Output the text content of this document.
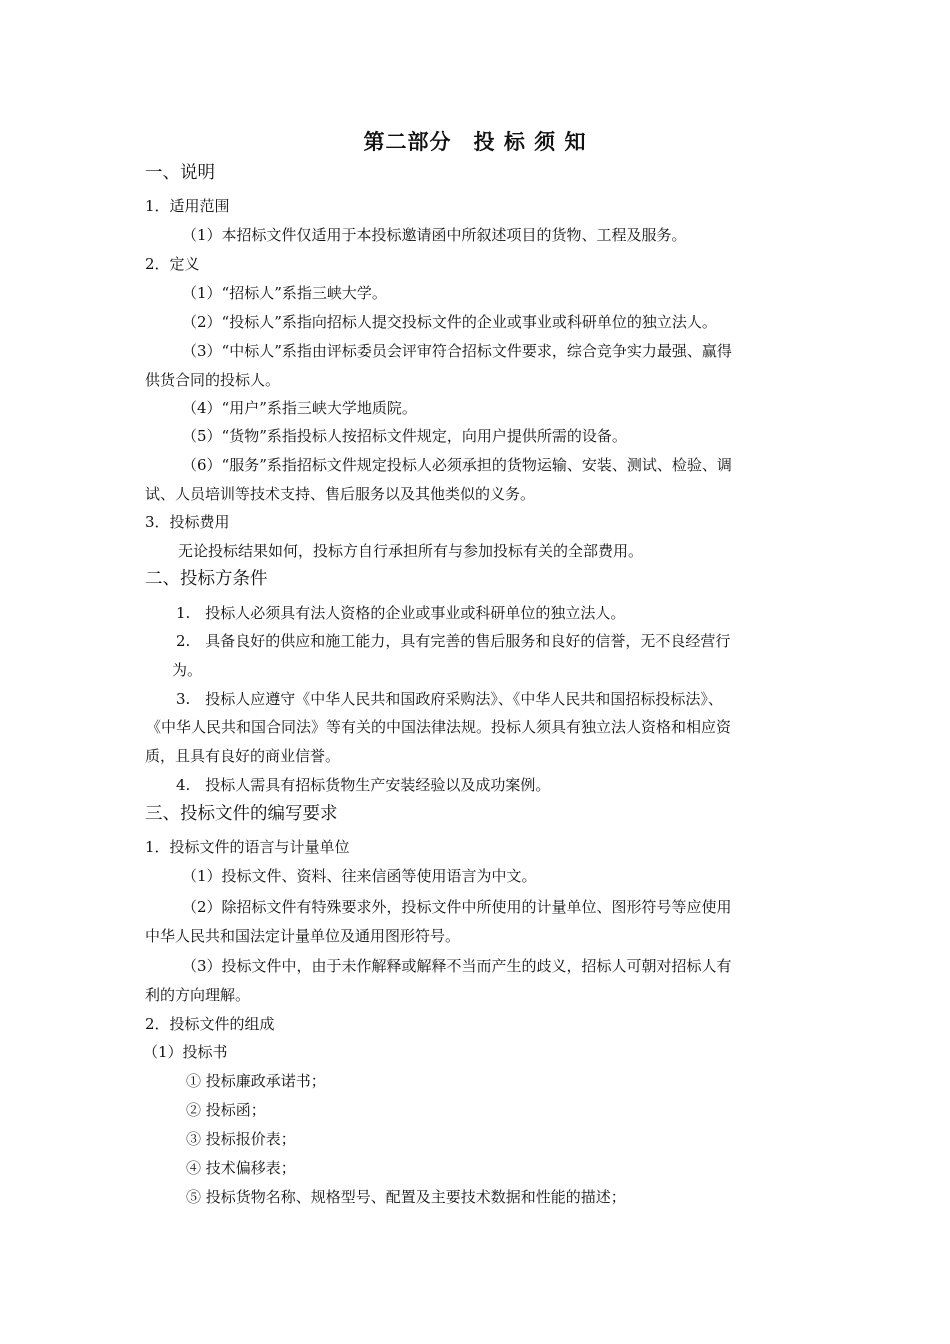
第二部分　投 标 须 知
一、说明
1．适用范围
（1）本招标文件仅适用于本投标邀请函中所叙述项目的货物、工程及服务。
2．定义
（1）“招标人”系指三峡大学。
（2）“投标人”系指向招标人提交投标文件的企业或事业或科研单位的独立法人。
（3）“中标人”系指由评标委员会评审符合招标文件要求，综合竞争实力最强、赢得
供货合同的投标人。
（4）“用户”系指三峡大学地质院。
（5）“货物”系指投标人按招标文件规定，向用户提供所需的设备。
（6）“服务”系指招标文件规定投标人必须承担的货物运输、安装、测试、检验、调
试、人员培训等技术支持、售后服务以及其他类似的义务。
3．投标费用
无论投标结果如何，投标方自行承担所有与参加投标有关的全部费用。
二、投标方条件
1.　投标人必须具有法人资格的企业或事业或科研单位的独立法人。
2.　具备良好的供应和施工能力，具有完善的售后服务和良好的信誉，无不良经营行
为。
3.　投标人应遵守《中华人民共和国政府采购法》、《中华人民共和国招标投标法》、
《中华人民共和国合同法》等有关的中国法律法规。投标人须具有独立法人资格和相应资
质，且具有良好的商业信誉。
4.　投标人需具有招标货物生产安装经验以及成功案例。
三、投标文件的编写要求
1．投标文件的语言与计量单位
（1）投标文件、资料、往来信函等使用语言为中文。
（2）除招标文件有特殊要求外，投标文件中所使用的计量单位、图形符号等应使用
中华人民共和国法定计量单位及通用图形符号。
（3）投标文件中，由于未作解释或解释不当而产生的歧义，招标人可朝对招标人有
利的方向理解。
2．投标文件的组成
（1）投标书
① 投标廉政承诺书；
② 投标函；
③ 投标报价表；
④ 技术偏移表；
⑤ 投标货物名称、规格型号、配置及主要技术数据和性能的描述；
